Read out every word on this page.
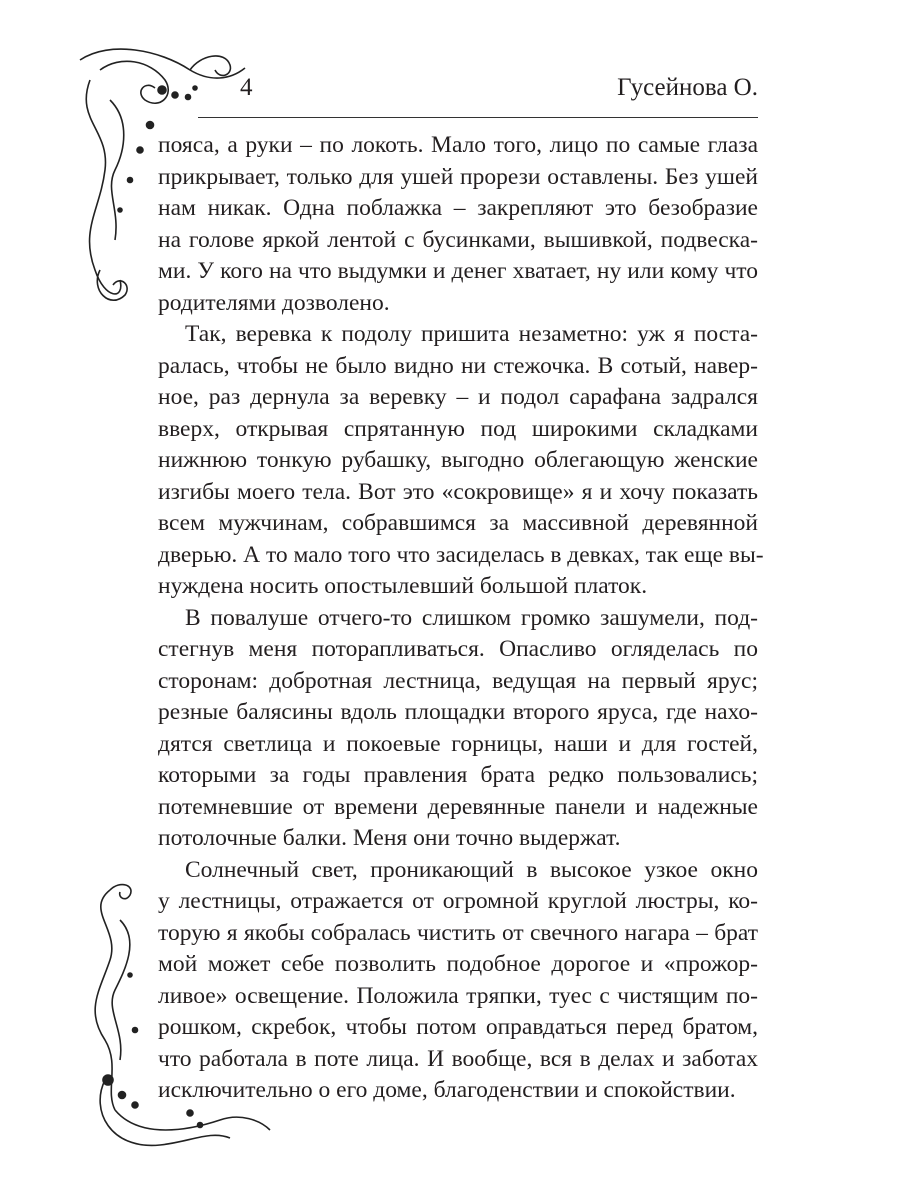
4	Гусейнова О.
пояса, а руки – по локоть. Мало того, лицо по самые глаза
прикрывает, только для ушей прорези оставлены. Без ушей
нам никак. Одна поблажка – закрепляют это безобразие
на голове яркой лентой с бусинками, вышивкой, подвеска-
ми. У кого на что выдумки и денег хватает, ну или кому что
родителями дозволено.
Так, веревка к подолу пришита незаметно: уж я поста-
ралась, чтобы не было видно ни стежочка. В сотый, навер-
ное, раз дернула за веревку – и подол сарафана задрался
вверх, открывая спрятанную под широкими складками
нижнюю тонкую рубашку, выгодно облегающую женские
изгибы моего тела. Вот это «сокровище» я и хочу показать
всем мужчинам, собравшимся за массивной деревянной
дверью. А то мало того что засиделась в девках, так еще вы-
нуждена носить опостылевший большой платок.
В повалуше отчего-то слишком громко зашумели, под-
стегнув меня поторапливаться. Опасливо огляделась по
сторонам: добротная лестница, ведущая на первый ярус;
резные балясины вдоль площадки второго яруса, где нахо-
дятся светлица и покоевые горницы, наши и для гостей,
которыми за годы правления брата редко пользовались;
потемневшие от времени деревянные панели и надежные
потолочные балки. Меня они точно выдержат.
Солнечный свет, проникающий в высокое узкое окно
у лестницы, отражается от огромной круглой люстры, ко-
торую я якобы собралась чистить от свечного нагара – брат
мой может себе позволить подобное дорогое и «прожор-
ливое» освещение. Положила тряпки, туес с чистящим по-
рошком, скребок, чтобы потом оправдаться перед братом,
что работала в поте лица. И вообще, вся в делах и заботах
исключительно о его доме, благоденствии и спокойствии.
